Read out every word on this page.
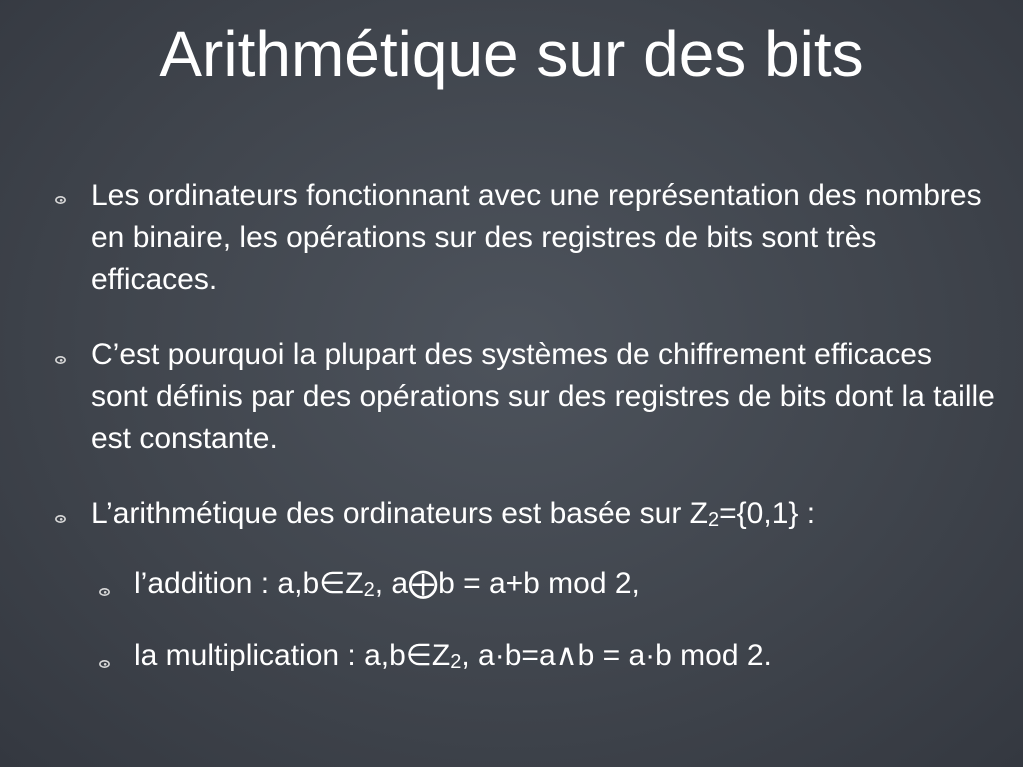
Arithmétique sur des bits
Les ordinateurs fonctionnant avec une représentation des nombres en binaire, les opérations sur des registres de bits sont très efficaces.
C’est pourquoi la plupart des systèmes de chiffrement efficaces sont définis par des opérations sur des registres de bits dont la taille est constante.
L’arithmétique des ordinateurs est basée sur $Z_2=\{0,1\}$ :
l’addition : $a,b\in Z_2$, a⨁b = a+b mod 2,
la multiplication : $a,b\in Z_2$, a·b=a∧b = a·b mod 2.
